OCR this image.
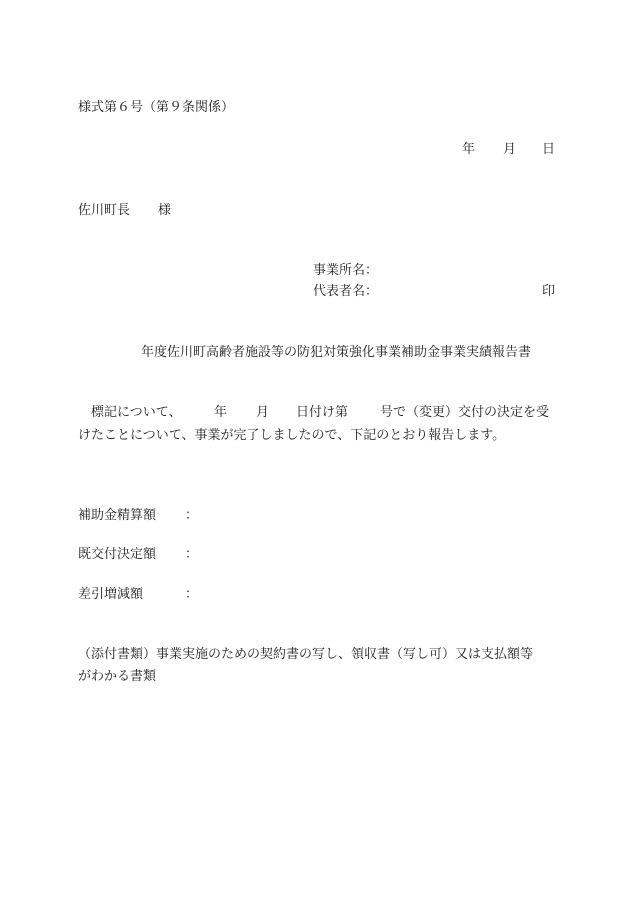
様式第６号（第９条関係）
年 月 日
佐川町長 様
事業所名：
代表者名：	印
年度佐川町高齢者施設等の防犯対策強化事業補助金事業実績報告書
標記について、	年 月 日付け第 号で（変更）交付の決定を受
けたことについて、事業が完了しましたので、下記のとおり報告します。
補助金精算額 ：
既交付決定額 ：
差引増減額	：
（添付書類）事業実施のための契約書の写し、領収書（写し可）又は支払額等
がわかる書類
